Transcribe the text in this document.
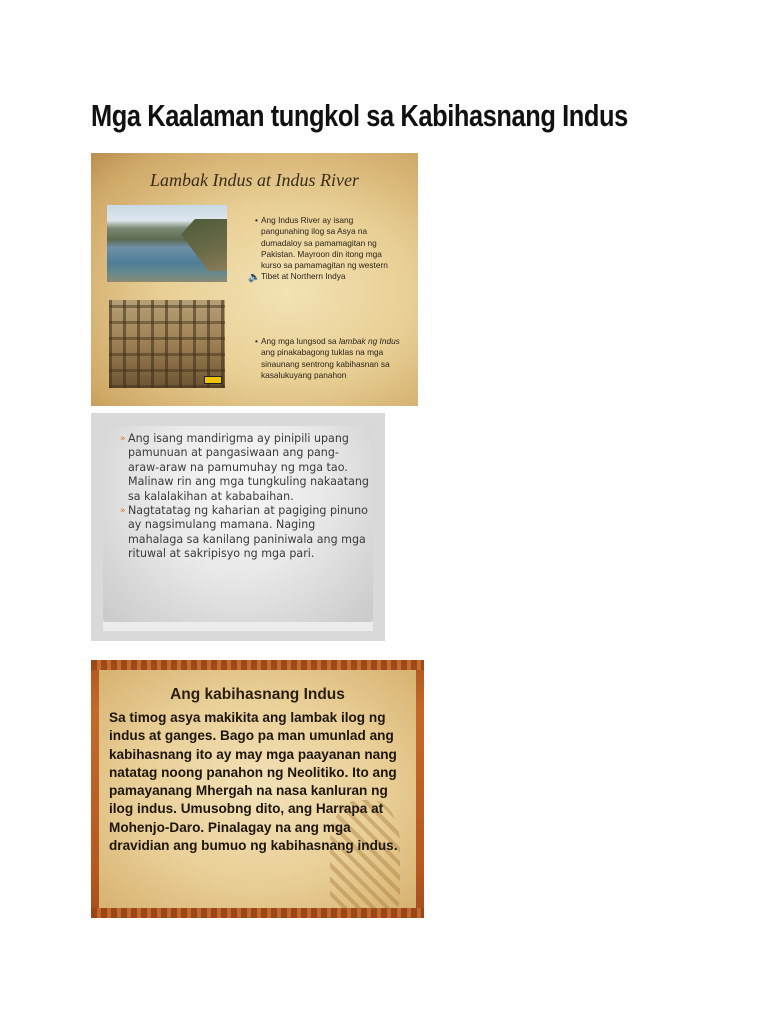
Mga Kaalaman tungkol sa Kabihasnang Indus
Lambak Indus at Indus River
🔈
• Ang Indus River ay isang pangunahing ilog sa Asya na dumadaloy sa pamamagitan ng Pakistan. Mayroon din itong mga kurso sa pamamagitan ng western Tibet at Northern Indya
• Ang mga lungsod sa lambak ng Indus ang pinakabagong tuklas na mga sinaunang sentrong kabihasnan sa kasalukuyang panahon

» Ang isang mandirigma ay pinipili upang pamunuan at pangasiwaan ang pang-araw-araw na pamumuhay ng mga tao.

Malinaw rin ang mga tungkuling nakaatang sa kalalakihan at kababaihan.

» Nagtatatag ng kaharian at pagiging pinuno ay nagsimulang mamana. Naging mahalaga sa kanilang paniniwala ang mga rituwal at sakripisyo ng mga pari.

Ang kabihasnang Indus
Sa timog asya makikita ang lambak ilog ng indus at ganges. Bago pa man umunlad ang kabihasnang ito ay may mga paayanan nang natatag noong panahon ng Neolitiko. Ito ang pamayanang Mhergah na nasa kanluran ng ilog indus. Umusobng dito, ang Harrapa at Mohenjo-Daro. Pinalagay na ang mga dravidian ang bumuo ng kabihasnang indus.
